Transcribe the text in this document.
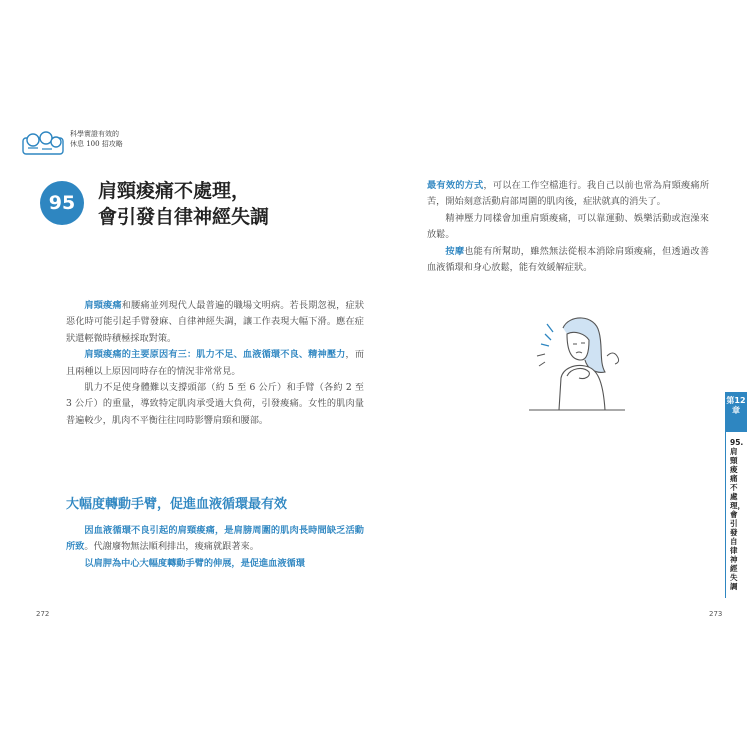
科學實證有效的
休息 100 招攻略
95
肩頸痠痛不處理，
會引發自律神經失調

肩頸痠痛和腰痛並列現代人最普遍的職場文明病。若長期忽視，症狀惡化時可能引起手臂發麻、自律神經失調，讓工作表現大幅下滑。應在症狀還輕微時積極採取對策。

肩頸痠痛的主要原因有三：肌力不足、血液循環不良、精神壓力，而且兩種以上原因同時存在的情況非常常見。

肌力不足使身體難以支撐頭部（約 5 至 6 公斤）和手臂（各約 2 至 3 公斤）的重量，導致特定肌肉承受過大負荷，引發痠痛。女性的肌肉量普遍較少，肌肉不平衡往往同時影響肩頸和腰部。

大幅度轉動手臂，促進血液循環最有效

因血液循環不良引起的肩頸痠痛，是肩膀周圍的肌肉長時間缺乏活動所致。代謝廢物無法順利排出，痠痛就跟著來。

以肩胛為中心大幅度轉動手臂的伸展，是促進血液循環

272

最有效的方式，可以在工作空檔進行。我自己以前也常為肩頸痠痛所苦，開始刻意活動肩部周圍的肌肉後，症狀就真的消失了。

精神壓力同樣會加重肩頸痠痛，可以靠運動、娛樂活動或泡澡來放鬆。

按摩也能有所幫助，雖然無法從根本消除肩頸痠痛，但透過改善血液循環和身心放鬆，能有效緩解症狀。

第12章
95. 肩頸痠痛不處理，會引發自律神經失調
273
